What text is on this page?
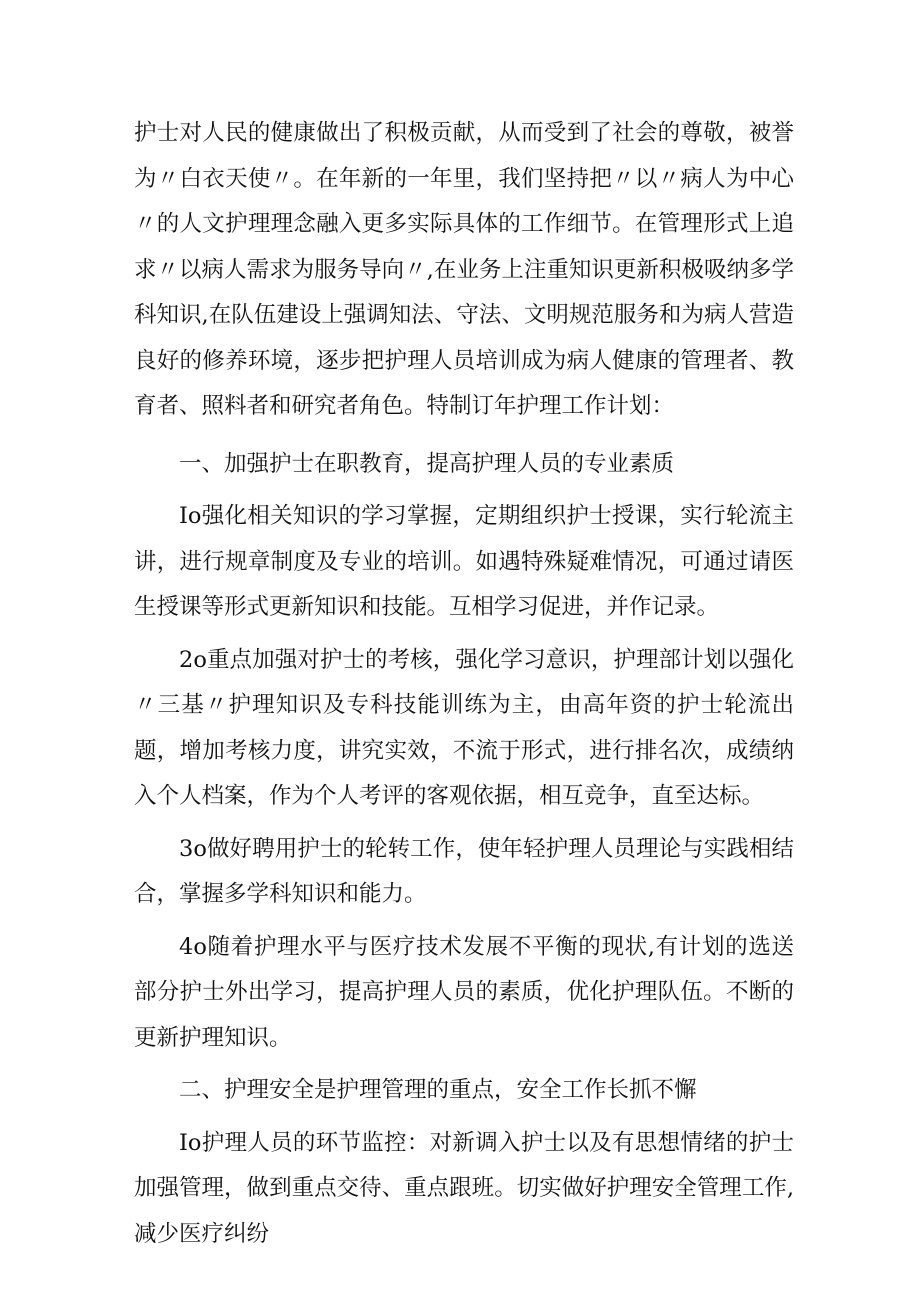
护士对人民的健康做出了积极贡献，从而受到了社会的尊敬，被誉为〃白衣天使〃。在年新的一年里，我们坚持把〃以〃病人为中心〃的人文护理理念融入更多实际具体的工作细节。在管理形式上追求〃以病人需求为服务导向〃,在业务上注重知识更新积极吸纳多学科知识,在队伍建设上强调知法、守法、文明规范服务和为病人营造良好的修养环境，逐步把护理人员培训成为病人健康的管理者、教育者、照料者和研究者角色。特制订年护理工作计划：

一、加强护士在职教育，提高护理人员的专业素质

Io强化相关知识的学习掌握，定期组织护士授课，实行轮流主讲，进行规章制度及专业的培训。如遇特殊疑难情况，可通过请医生授课等形式更新知识和技能。互相学习促进，并作记录。

2o重点加强对护士的考核，强化学习意识，护理部计划以强化〃三基〃护理知识及专科技能训练为主，由高年资的护士轮流出题，增加考核力度，讲究实效，不流于形式，进行排名次，成绩纳入个人档案，作为个人考评的客观依据，相互竞争，直至达标。

3o做好聘用护士的轮转工作，使年轻护理人员理论与实践相结合，掌握多学科知识和能力。

4o随着护理水平与医疗技术发展不平衡的现状,有计划的选送部分护士外出学习，提高护理人员的素质，优化护理队伍。不断的更新护理知识。

二、护理安全是护理管理的重点，安全工作长抓不懈

Io护理人员的环节监控：对新调入护士以及有思想情绪的护士加强管理，做到重点交待、重点跟班。切实做好护理安全管理工作,减少医疗纠纷
